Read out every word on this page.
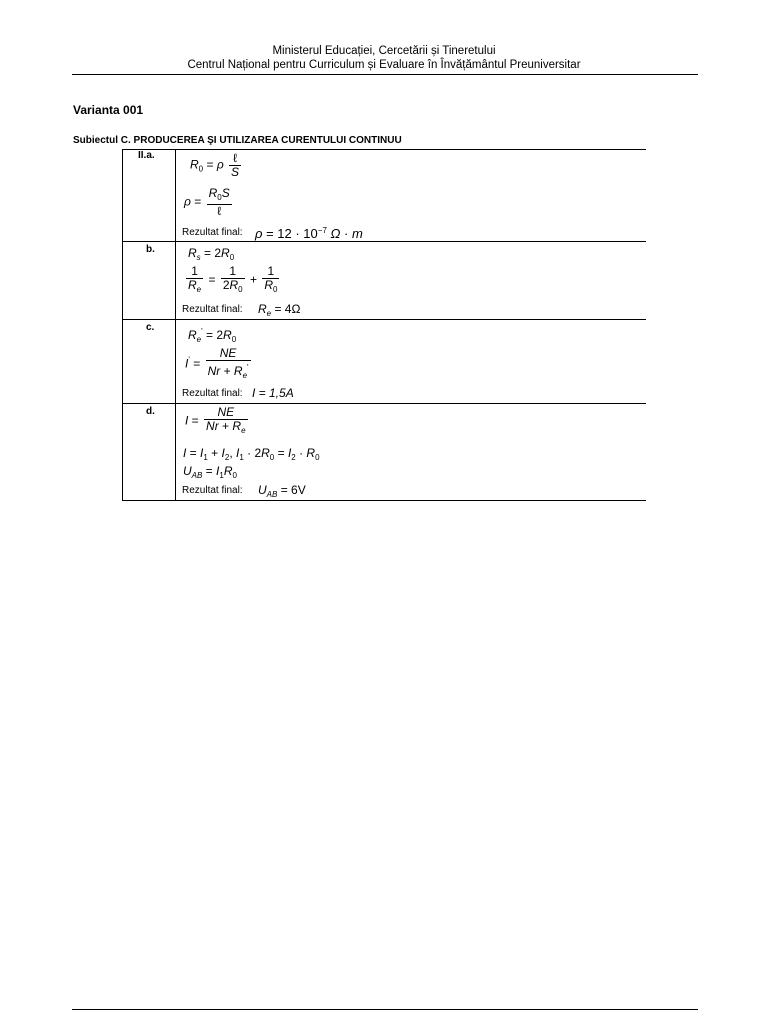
Ministerul Educației, Cercetării și Tineretului
Centrul Național pentru Curriculum și Evaluare în Învățământul Preuniversitar
Varianta 001
Subiectul C. PRODUCEREA ŞI UTILIZAREA CURENTULUI CONTINUU
II.a.
b.
c.
d.
$R_0 = \rho \frac{\text{ℓ}}{S}$
$\rho = \frac{R_0S}{\text{ℓ}}$
Rezultat final: $\rho = 12 \cdot 10^{-7}$ Ω · m
$R_s = 2R_0$
$\frac{1}{R_e} = \frac{1}{2R_0} + \frac{1}{R_0}$
Rezultat final: $R_e = 4\Omega$
$R_e' = 2R_0$
$I' = \frac{NE}{Nr + R_e'}$
Rezultat final: I = 1,5A
$I = \frac{NE}{Nr + R_e}$
$I = I_1 + I_2$, $I_1 \cdot 2R_0 = I_2 \cdot R_0$
$U_{AB} = I_1R_0$
Rezultat final: $U_{AB} = 6V$
